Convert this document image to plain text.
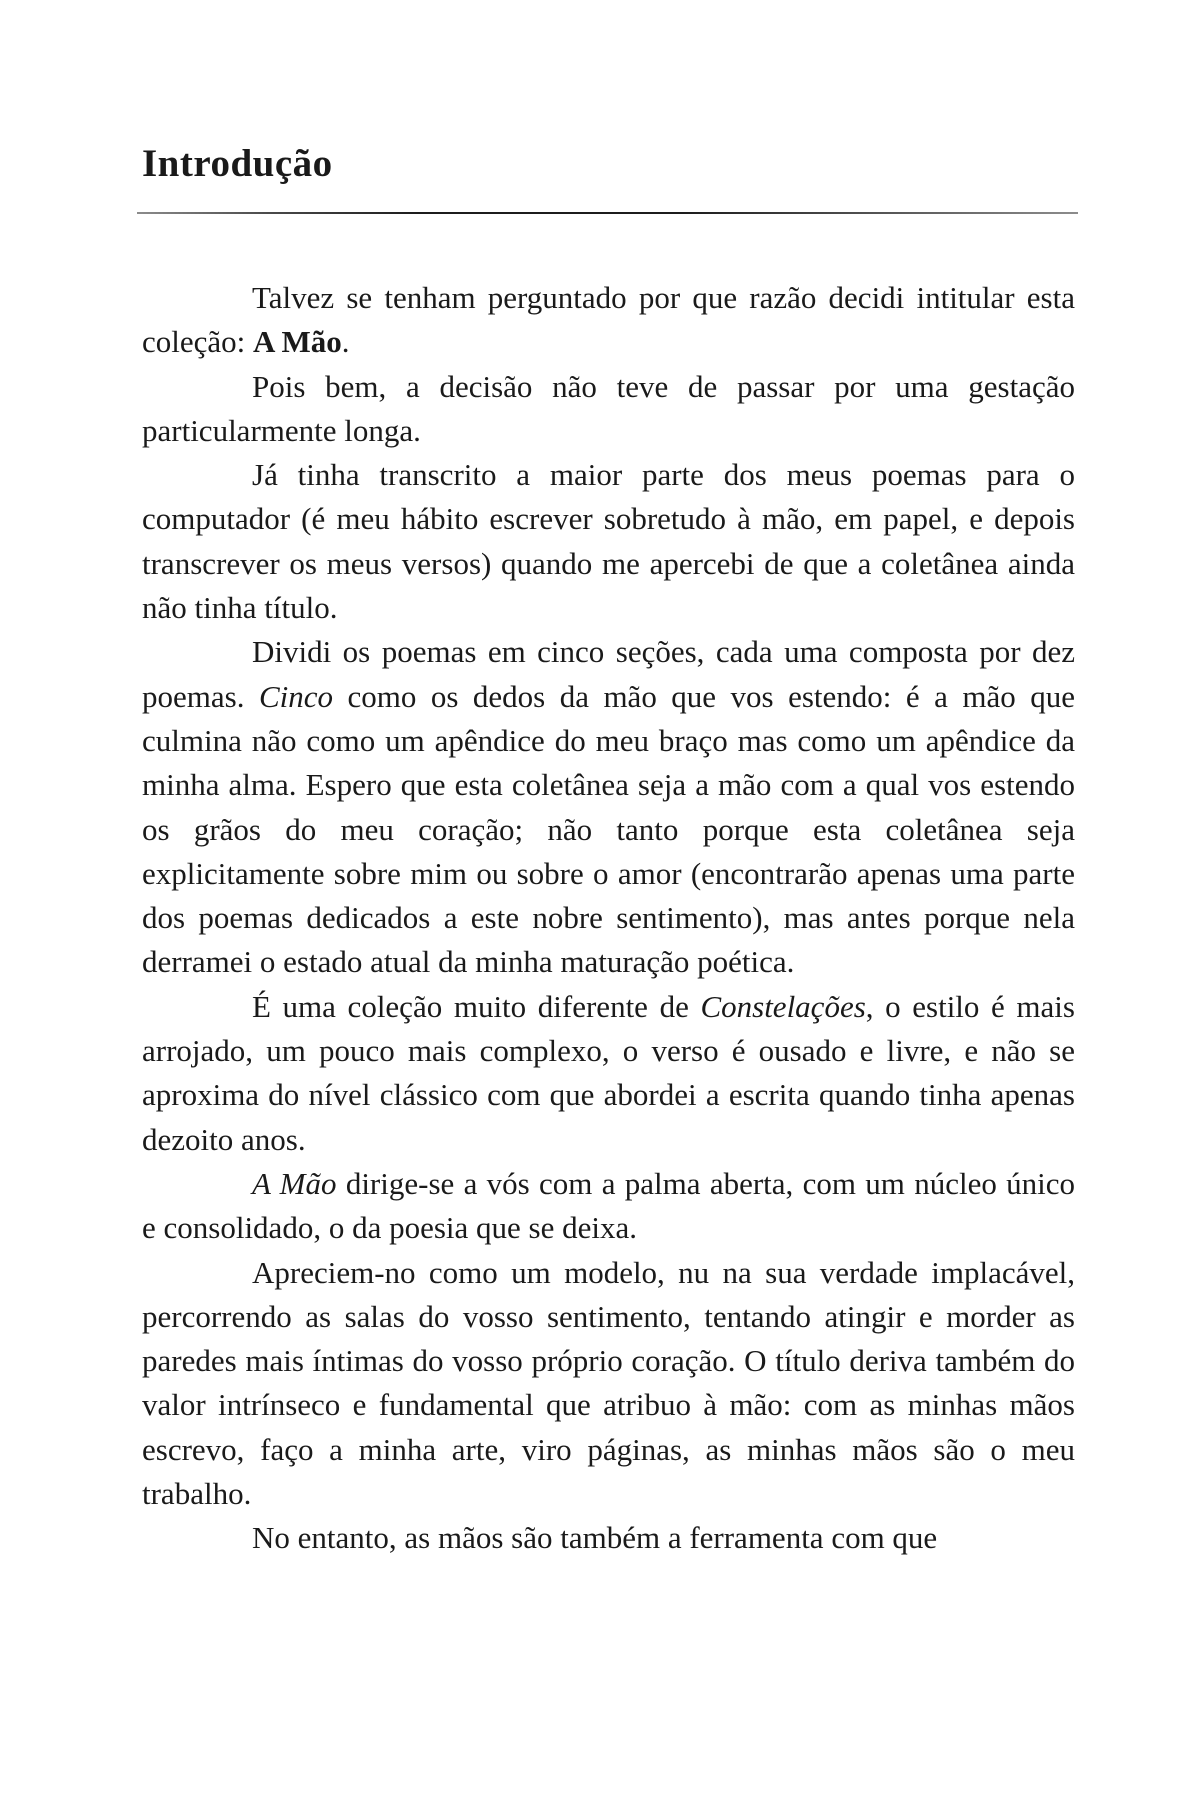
Introdução

Talvez se tenham perguntado por que razão decidi intitular esta coleção: A Mão.

Pois bem, a decisão não teve de passar por uma gestação particularmente longa.

Já tinha transcrito a maior parte dos meus poemas para o computador (é meu hábito escrever sobretudo à mão, em papel, e depois transcrever os meus versos) quando me apercebi de que a coletânea ainda não tinha título.

Dividi os poemas em cinco seções, cada uma composta por dez poemas. Cinco como os dedos da mão que vos estendo: é a mão que culmina não como um apêndice do meu braço mas como um apêndice da minha alma. Espero que esta coletânea seja a mão com a qual vos estendo os grãos do meu coração; não tanto porque esta coletânea seja explicitamente sobre mim ou sobre o amor (encontrarão apenas uma parte dos poemas dedicados a este nobre sentimento), mas antes porque nela derramei o estado atual da minha maturação poética.

É uma coleção muito diferente de Constelações, o estilo é mais arrojado, um pouco mais complexo, o verso é ousado e livre, e não se aproxima do nível clássico com que abordei a escrita quando tinha apenas dezoito anos.

A Mão dirige-se a vós com a palma aberta, com um núcleo único e consolidado, o da poesia que se deixa.

Apreciem-no como um modelo, nu na sua verdade implacável, percorrendo as salas do vosso sentimento, tentando atingir e morder as paredes mais íntimas do vosso próprio coração. O título deriva também do valor intrínseco e fundamental que atribuo à mão: com as minhas mãos escrevo, faço a minha arte, viro páginas, as minhas mãos são o meu trabalho.

No entanto, as mãos são também a ferramenta com que
